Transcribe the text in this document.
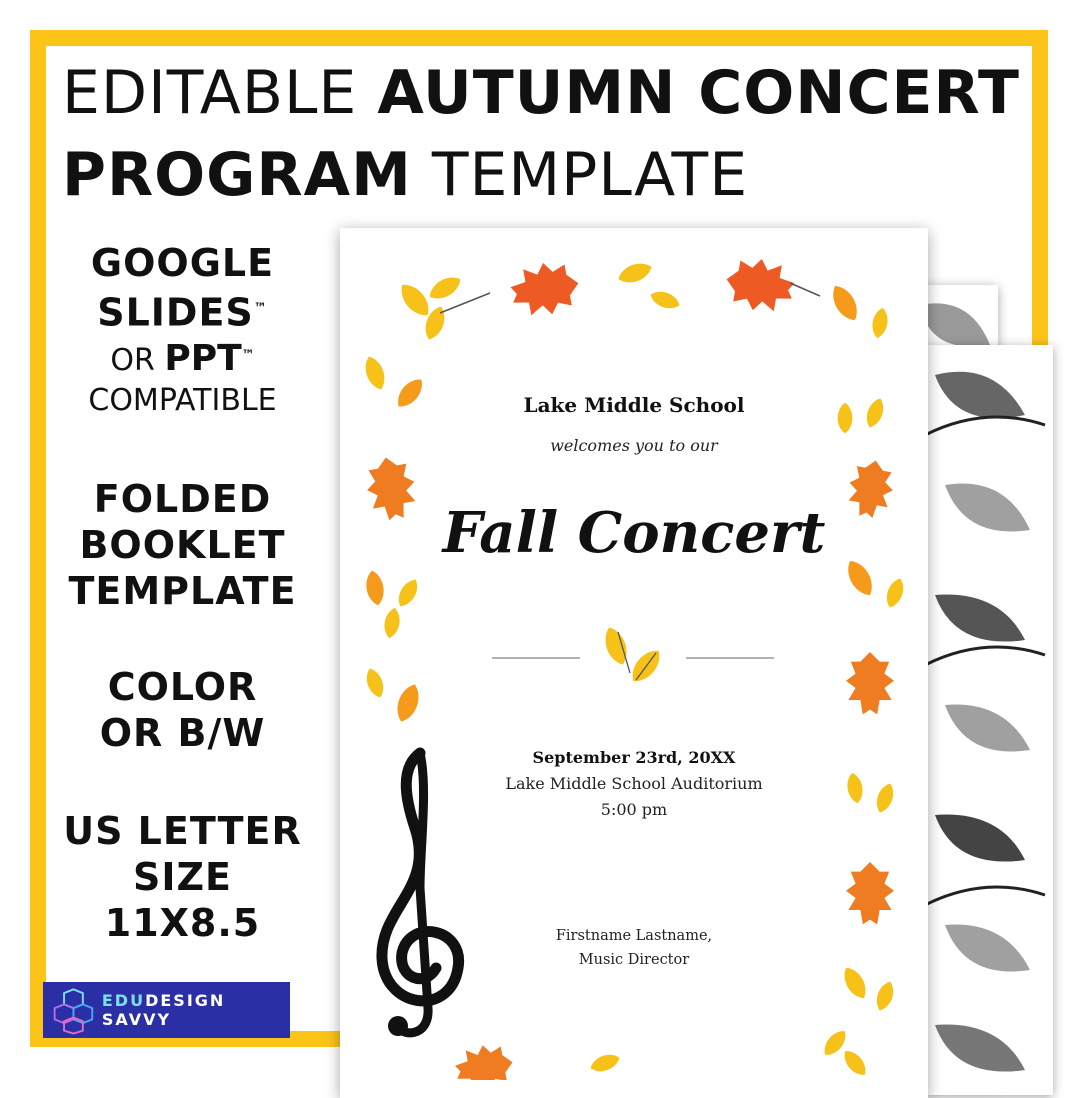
EDITABLE AUTUMN CONCERT
PROGRAM TEMPLATE
GOOGLE
SLIDES™
OR PPT™
COMPATIBLE
FOLDED
BOOKLET
TEMPLATE
COLOR
OR B/W
US LETTER
SIZE
11X8.5
EDUDESIGN SAVVY
Lake Middle School
welcomes you to our
Fall Concert
September 23rd, 20XX
Lake Middle School Auditorium
5:00 pm
Firstname Lastname,
Music Director
